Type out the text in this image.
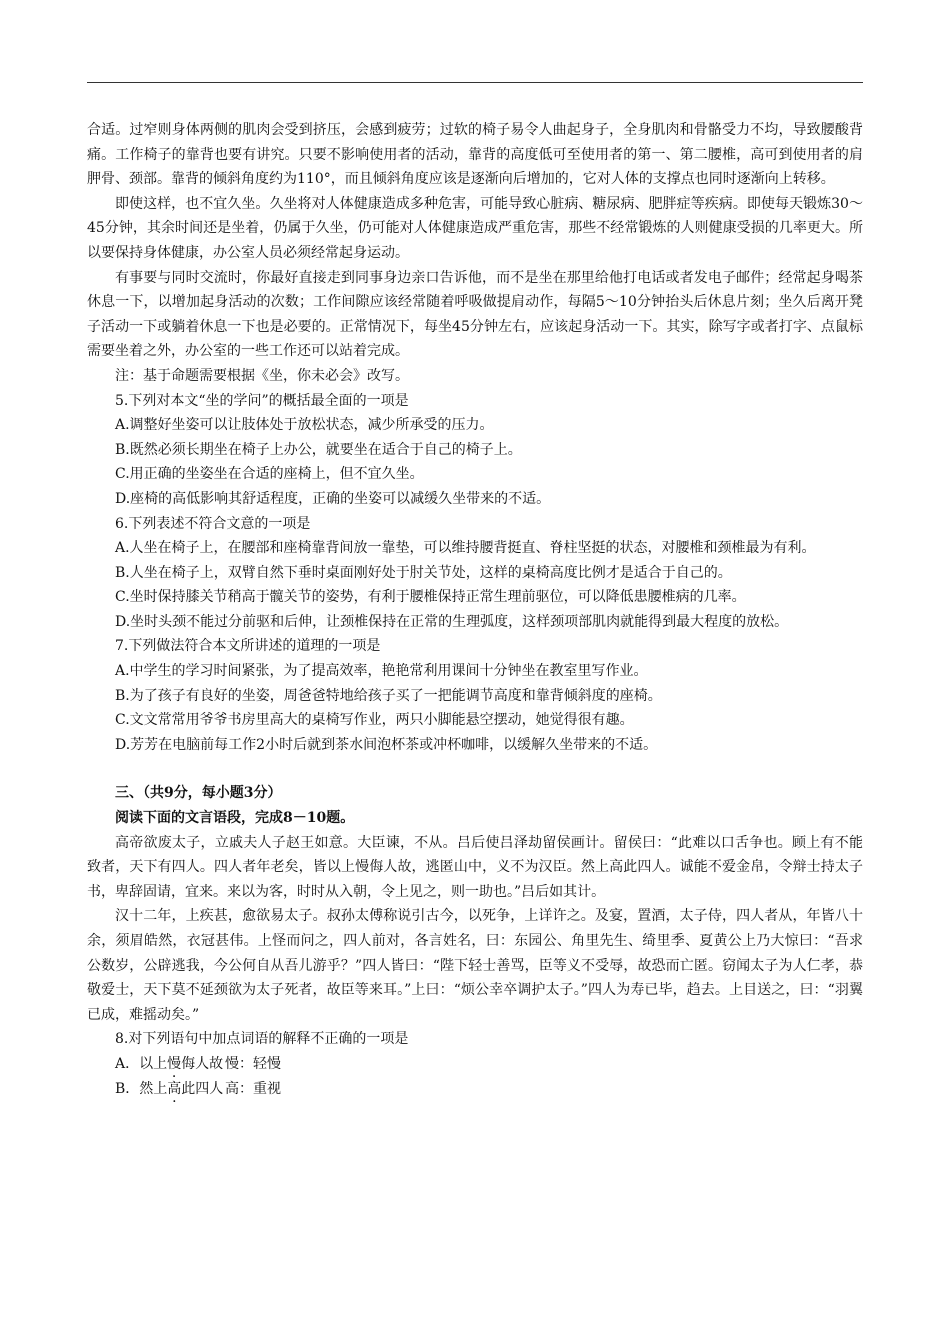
合适。过窄则身体两侧的肌肉会受到挤压，会感到疲劳；过软的椅子易令人曲起身子，全身肌肉和骨骼受力不均，导致腰酸背痛。工作椅子的靠背也要有讲究。只要不影响使用者的活动，靠背的高度低可至使用者的第一、第二腰椎，高可到使用者的肩胛骨、颈部。靠背的倾斜角度约为110°，而且倾斜角度应该是逐渐向后增加的，它对人体的支撑点也同时逐渐向上转移。

即使这样，也不宜久坐。久坐将对人体健康造成多种危害，可能导致心脏病、糖尿病、肥胖症等疾病。即使每天锻炼30～45分钟，其余时间还是坐着，仍属于久坐，仍可能对人体健康造成严重危害，那些不经常锻炼的人则健康受损的几率更大。所以要保持身体健康，办公室人员必须经常起身运动。

有事要与同时交流时，你最好直接走到同事身边亲口告诉他，而不是坐在那里给他打电话或者发电子邮件；经常起身喝茶休息一下，以增加起身活动的次数；工作间隙应该经常随着呼吸做提肩动作，每隔5～10分钟抬头后休息片刻；坐久后离开凳子活动一下或躺着休息一下也是必要的。正常情况下，每坐45分钟左右，应该起身活动一下。其实，除写字或者打字、点鼠标需要坐着之外，办公室的一些工作还可以站着完成。

注：基于命题需要根据《坐，你未必会》改写。

5.下列对本文“坐的学问”的概括最全面的一项是

A.调整好坐姿可以让肢体处于放松状态，减少所承受的压力。

B.既然必须长期坐在椅子上办公，就要坐在适合于自己的椅子上。

C.用正确的坐姿坐在合适的座椅上，但不宜久坐。

D.座椅的高低影响其舒适程度，正确的坐姿可以减缓久坐带来的不适。

6.下列表述不符合文意的一项是

A.人坐在椅子上，在腰部和座椅靠背间放一靠垫，可以维持腰背挺直、脊柱坚挺的状态，对腰椎和颈椎最为有利。

B.人坐在椅子上，双臂自然下垂时桌面刚好处于肘关节处，这样的桌椅高度比例才是适合于自己的。

C.坐时保持膝关节稍高于髋关节的姿势，有利于腰椎保持正常生理前驱位，可以降低患腰椎病的几率。

D.坐时头颈不能过分前驱和后伸，让颈椎保持在正常的生理弧度，这样颈项部肌肉就能得到最大程度的放松。

7.下列做法符合本文所讲述的道理的一项是

A.中学生的学习时间紧张，为了提高效率，艳艳常利用课间十分钟坐在教室里写作业。

B.为了孩子有良好的坐姿，周爸爸特地给孩子买了一把能调节高度和靠背倾斜度的座椅。

C.文文常常用爷爷书房里高大的桌椅写作业，两只小脚能悬空摆动，她觉得很有趣。

D.芳芳在电脑前每工作2小时后就到茶水间泡杯茶或冲杯咖啡，以缓解久坐带来的不适。

三、（共9分，每小题3分）

阅读下面的文言语段，完成8－10题。

高帝欲废太子，立戚夫人子赵王如意。大臣谏，不从。吕后使吕泽劫留侯画计。留侯曰：“此难以口舌争也。顾上有不能致者，天下有四人。四人者年老矣，皆以上慢侮人故，逃匿山中，义不为汉臣。然上高此四人。诚能不爱金帛，令辩士持太子书，卑辞固请，宜来。来以为客，时时从入朝，令上见之，则一助也。”吕后如其计。

汉十二年，上疾甚，愈欲易太子。叔孙太傅称说引古今，以死争，上详许之。及宴，置酒，太子侍，四人者从，年皆八十余，须眉皓然，衣冠甚伟。上怪而问之，四人前对，各言姓名，曰：东园公、角里先生、绮里季、夏黄公上乃大惊曰：“吾求公数岁，公辟逃我，今公何自从吾儿游乎？”四人皆曰：“陛下轻士善骂，臣等义不受辱，故恐而亡匿。窃闻太子为人仁孝，恭敬爱士，天下莫不延颈欲为太子死者，故臣等来耳。”上曰：“烦公幸卒调护太子。”四人为寿已毕，趋去。上目送之，曰：“羽翼已成，难摇动矣。”

8.对下列语句中加点词语的解释不正确的一项是

A．以上慢侮人故 慢：轻慢

B．然上高此四人 高：重视
